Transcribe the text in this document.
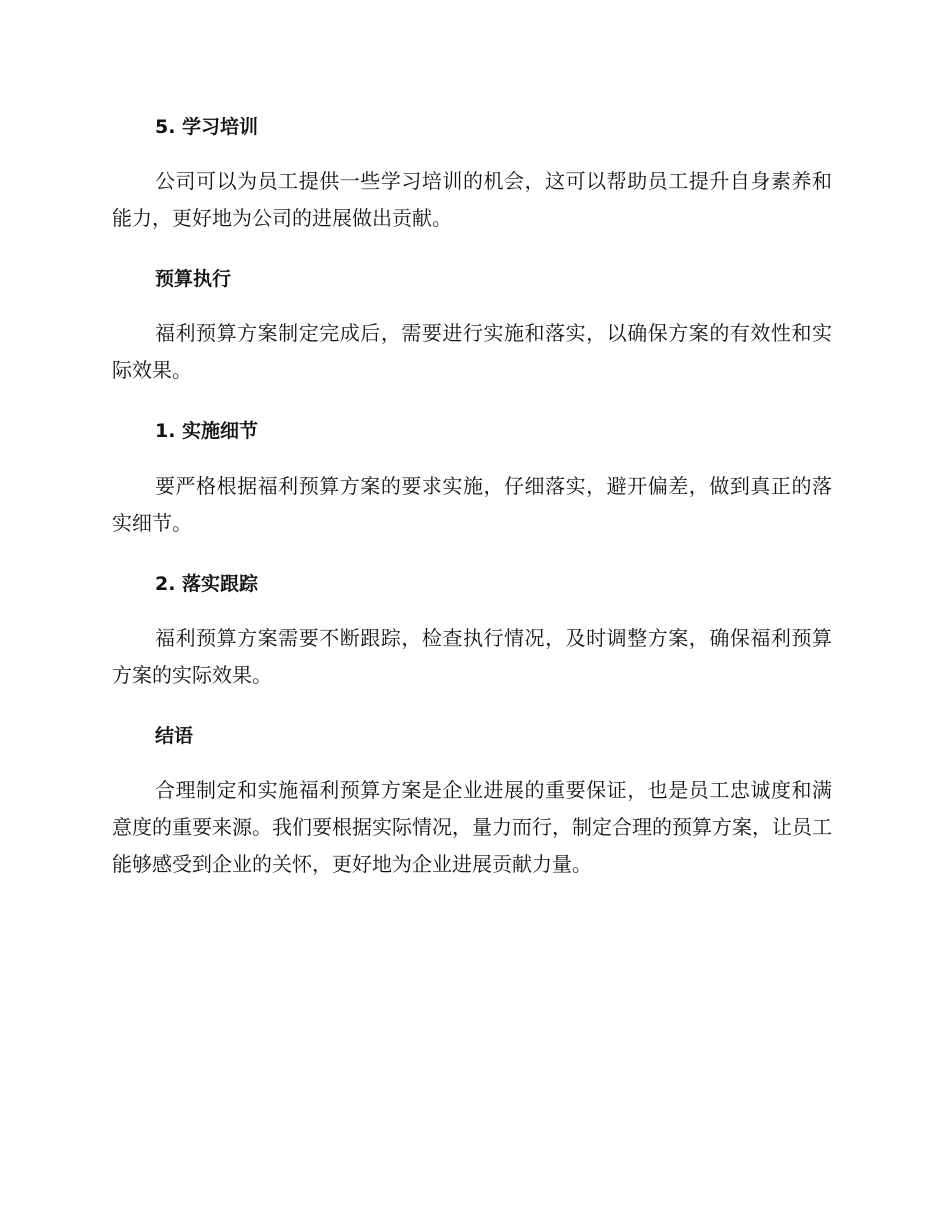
5. 学习培训

公司可以为员工提供一些学习培训的机会，这可以帮助员工提升自身素养和能力，更好地为公司的进展做出贡献。

预算执行

福利预算方案制定完成后，需要进行实施和落实，以确保方案的有效性和实际效果。

1. 实施细节

要严格根据福利预算方案的要求实施，仔细落实，避开偏差，做到真正的落实细节。

2. 落实跟踪

福利预算方案需要不断跟踪，检查执行情况，及时调整方案，确保福利预算方案的实际效果。

结语

合理制定和实施福利预算方案是企业进展的重要保证，也是员工忠诚度和满意度的重要来源。我们要根据实际情况，量力而行，制定合理的预算方案，让员工能够感受到企业的关怀，更好地为企业进展贡献力量。
